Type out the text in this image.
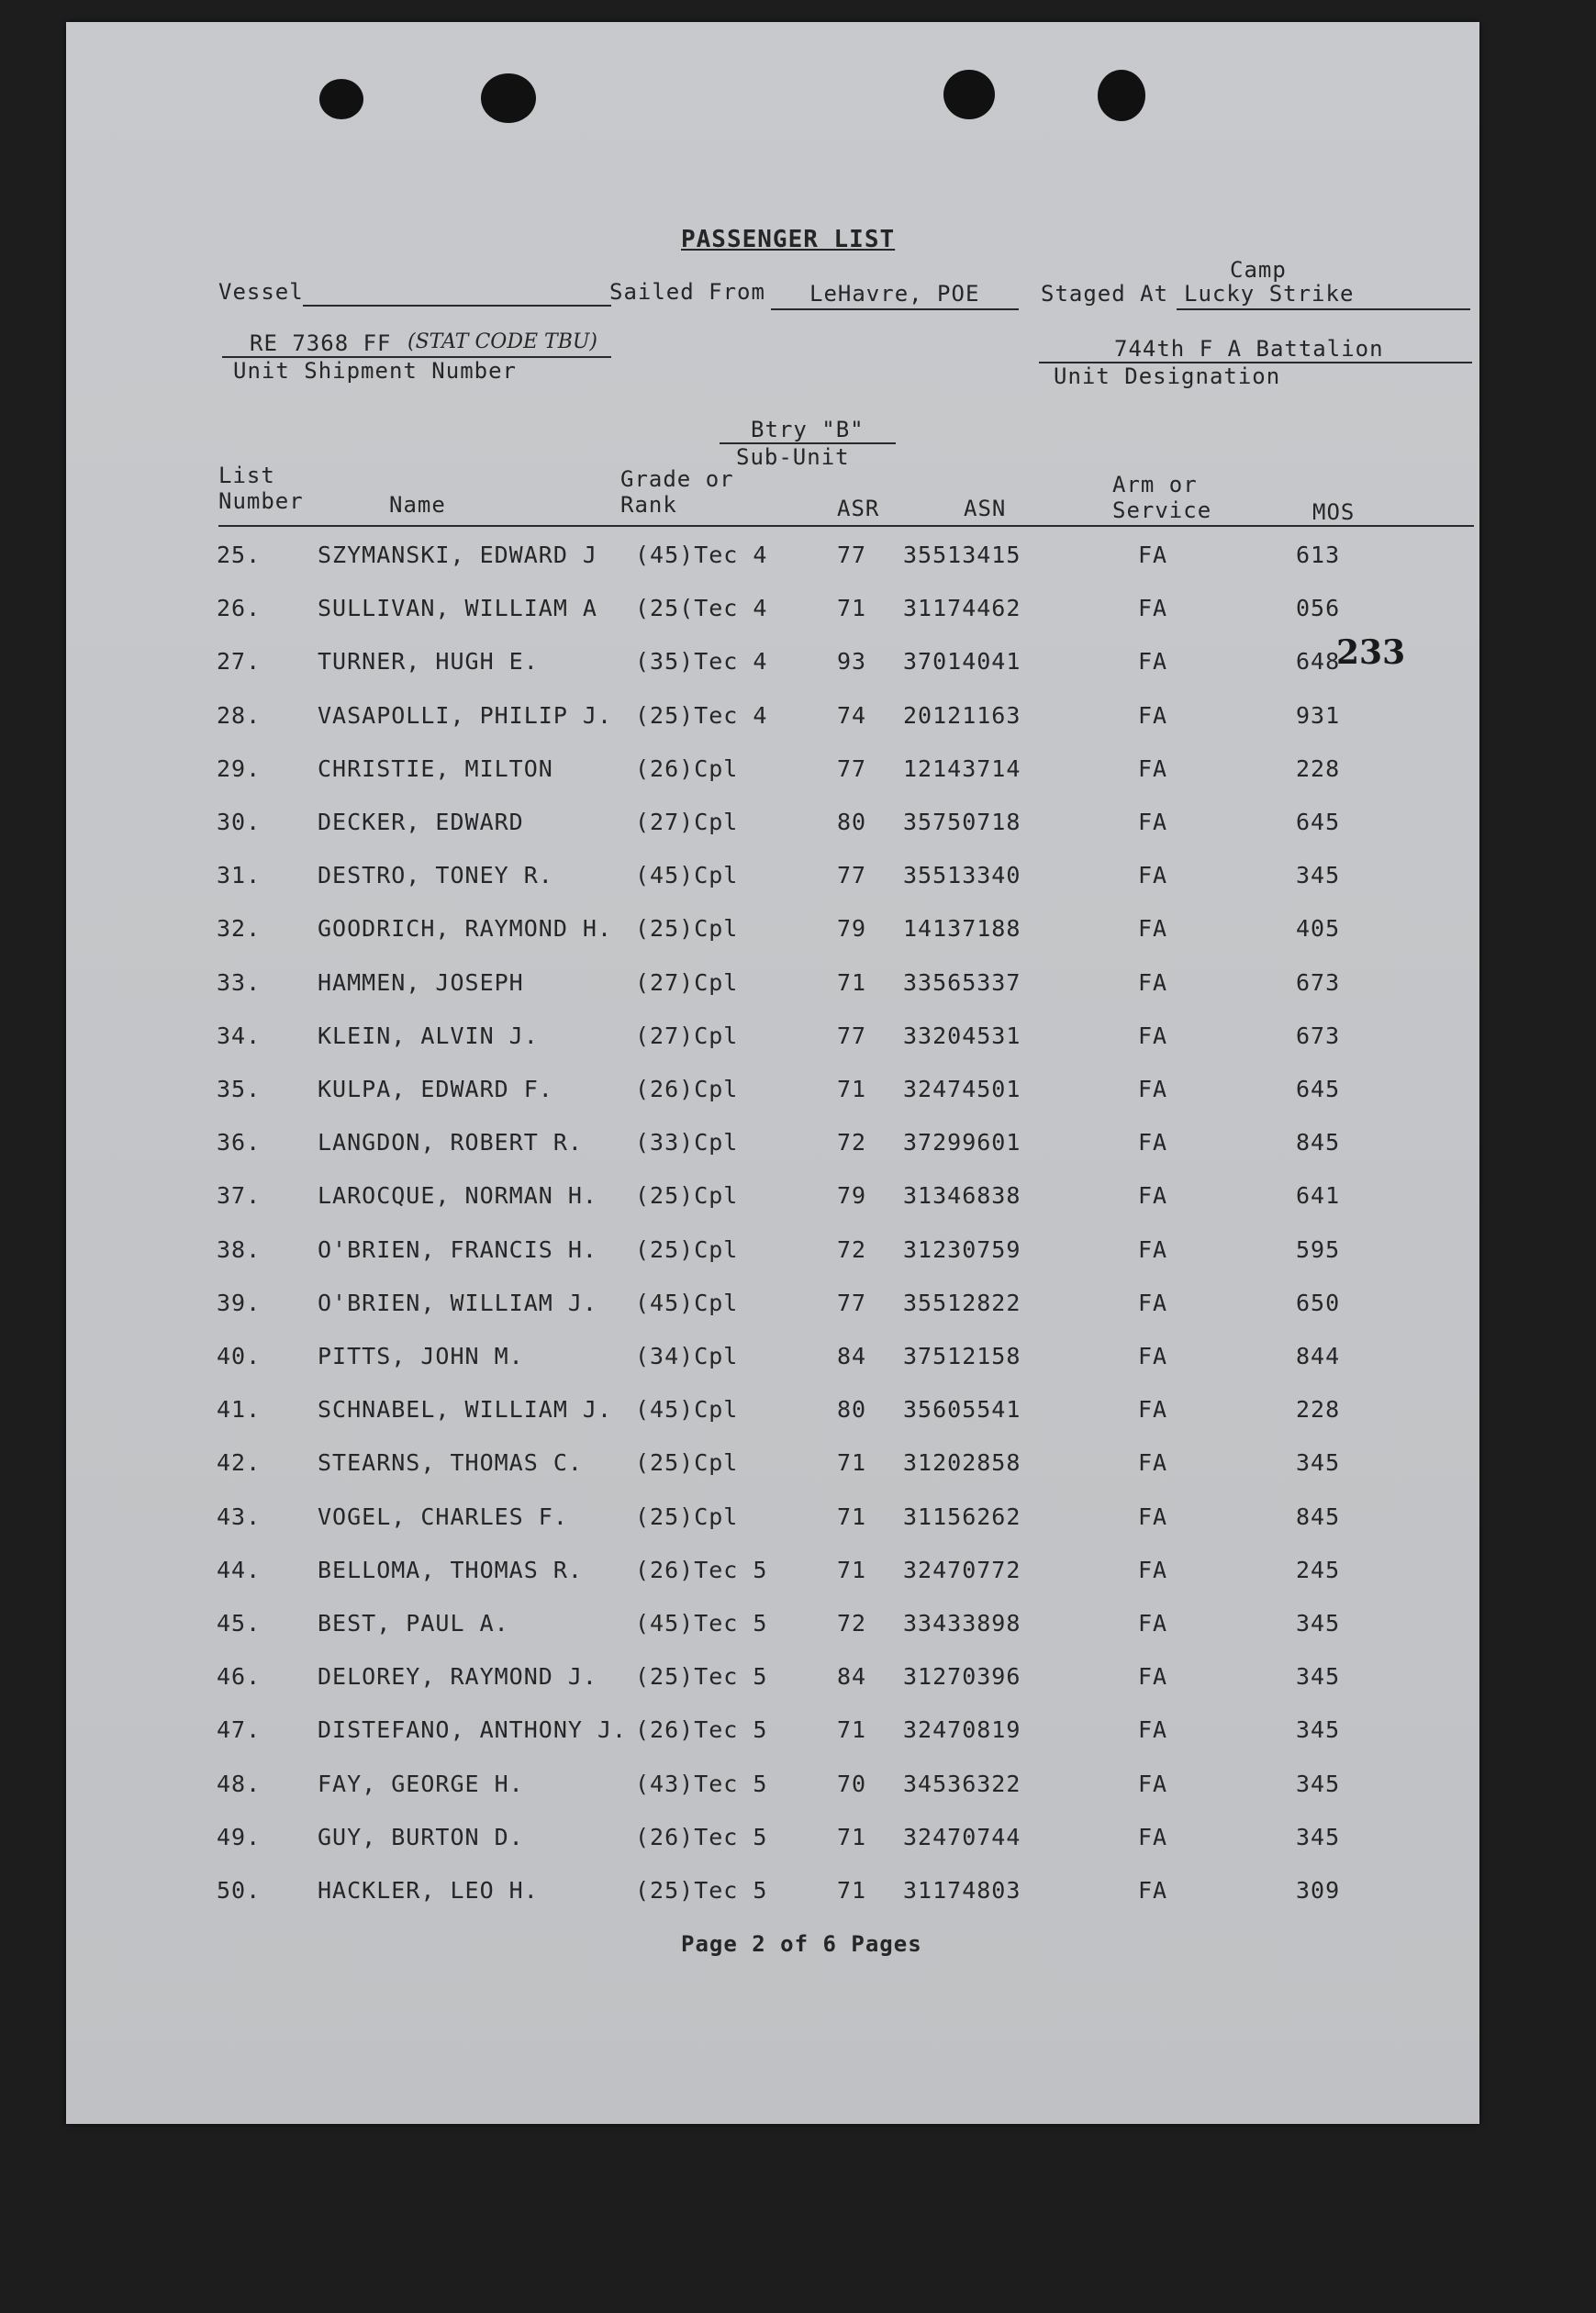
PASSENGER LIST
Vessel	Sailed From LeHavre, POE	Staged At
Camp
Lucky Strike
RE 7368 FF (STAT CODE TBU)
Unit Shipment Number
744th F A Battalion
Unit Designation
Btry "B"
Sub-Unit
233
List
Number	Name
Grade or
Rank	ASR	ASN
Arm or
Service	MOS
25. SZYMANSKI, EDWARD J (45)Tec 4	77 35513415	FA	613
26. SULLIVAN, WILLIAM A (25(Tec 4	71 31174462	FA	056
27. TURNER, HUGH E.	(35)Tec 4	93 37014041	FA	648
28. VASAPOLLI, PHILIP J. (25)Tec 4	74 20121163	FA	931
29. CHRISTIE, MILTON	(26)Cpl	77 12143714	FA	228
30. DECKER, EDWARD	(27)Cpl	80 35750718	FA	645
31. DESTRO, TONEY R.	(45)Cpl	77 35513340	FA	345
32. GOODRICH, RAYMOND H. (25)Cpl	79 14137188	FA	405
33. HAMMEN, JOSEPH	(27)Cpl	71 33565337	FA	673
34. KLEIN, ALVIN J.	(27)Cpl	77 33204531	FA	673
35. KULPA, EDWARD F.	(26)Cpl	71 32474501	FA	645
36. LANGDON, ROBERT R. (33)Cpl	72 37299601	FA	845
37. LAROCQUE, NORMAN H. (25)Cpl	79 31346838	FA	641
38. O'BRIEN, FRANCIS H. (25)Cpl	72 31230759	FA	595
39. O'BRIEN, WILLIAM J. (45)Cpl	77 35512822	FA	650
40. PITTS, JOHN M.	(34)Cpl	84 37512158	FA	844
41. SCHNABEL, WILLIAM J. (45)Cpl	80 35605541	FA	228
42. STEARNS, THOMAS C. (25)Cpl	71 31202858	FA	345
43. VOGEL, CHARLES F.	(25)Cpl	71 31156262	FA	845
44. BELLOMA, THOMAS R. (26)Tec 5	71 32470772	FA	245
45. BEST, PAUL A.	(45)Tec 5	72 33433898	FA	345
46. DELOREY, RAYMOND J. (25)Tec 5	84 31270396	FA	345
47. DISTEFANO, ANTHONY J. (26)Tec 5	71 32470819	FA	345
48. FAY, GEORGE H.	(43)Tec 5	70 34536322	FA	345
49. GUY, BURTON D.	(26)Tec 5	71 32470744	FA	345
50. HACKLER, LEO H.	(25)Tec 5	71 31174803	FA	309
Page 2 of 6 Pages
